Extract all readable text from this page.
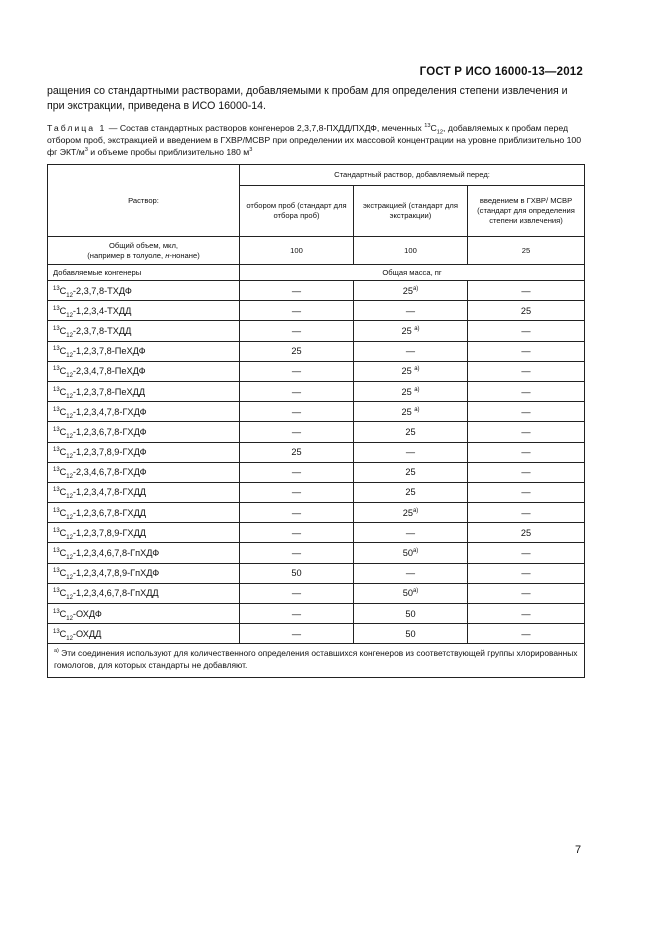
ГОСТ Р ИСО 16000-13—2012
ращения со стандартными растворами, добавляемыми к пробам для определения степени извлечения и при экстракции, приведена в ИСО 16000-14.
Таблица 1 — Состав стандартных растворов конгенеров 2,3,7,8-ПХДД/ПХДФ, меченных $^{13}C_{12}$, добавляемых к пробам перед отбором проб, экстракцией и введением в ГХВР/МСВР при определении их массовой концентрации на уровне приблизительно 100 фг ЭКТ/$м^3$ и объеме пробы приблизительно 180 $м^3$
Раствор:	Стандартный раствор, добавляемый перед:		
	отбором проб (стандарт для отбора проб)	экстракцией (стандарт для экстракции)	введением в ГХВР/ МСВР (стандарт для определения степени извлечения)
Общий объем, мкл,
(например в толуоле, н-нонане)	100	100	25
Добавляемые конгенеры	Общая масса, пг		
$^{13}C_{12}-2,3,7,8$-ТХДФ	—	$25^{а)}$	—
$^{13}C_{12}-1,2,3,4$-ТХДД	—	—	25
$^{13}C_{12}-2,3,7,8$-ТХДД	—	25 $^{а)}$	—
$^{13}C_{12}-1,2,3,7,8$-ПеХДФ	25	—	—
$^{13}C_{12}-2,3,4,7,8$-ПеХДФ	—	25 $^{а)}$	—
$^{13}C_{12}-1,2,3,7,8$-ПеХДД	—	25 $^{а)}$	—
$^{13}C_{12}-1,2,3,4,7,8$-ГХДФ	—	25 $^{а)}$	—
$^{13}C_{12}-1,2,3,6,7,8$-ГХДФ	—	25	—
$^{13}C_{12}-1,2,3,7,8,9$-ГХДФ	25	—	—
$^{13}C_{12}-2,3,4,6,7,8$-ГХДФ	—	25	—
$^{13}C_{12}-1,2,3,4,7,8$-ГХДД	—	25	—
$^{13}C_{12}-1,2,3,6,7,8$-ГХДД	—	$25^{а)}$	—
$^{13}C_{12}-1,2,3,7,8,9$-ГХДД	—	—	25
$^{13}C_{12}-1,2,3,4,6,7,8$-ГпХДФ	—	$50^{а)}$	—
$^{13}C_{12}-1,2,3,4,7,8,9$-ГпХДФ	50	—	—
$^{13}C_{12}-1,2,3,4,6,7,8$-ГпХДД	—	$50^{а)}$	—
$^{13}C_{12}$-ОХДФ	—	50	—
$^{13}C_{12}$-ОХДД	—	50	—
$^{а)}$ Эти соединения используют для количественного определения оставшихся конгенеров из соответствующей группы хлорированных гомологов, для которых стандарты не добавляют.			
7
